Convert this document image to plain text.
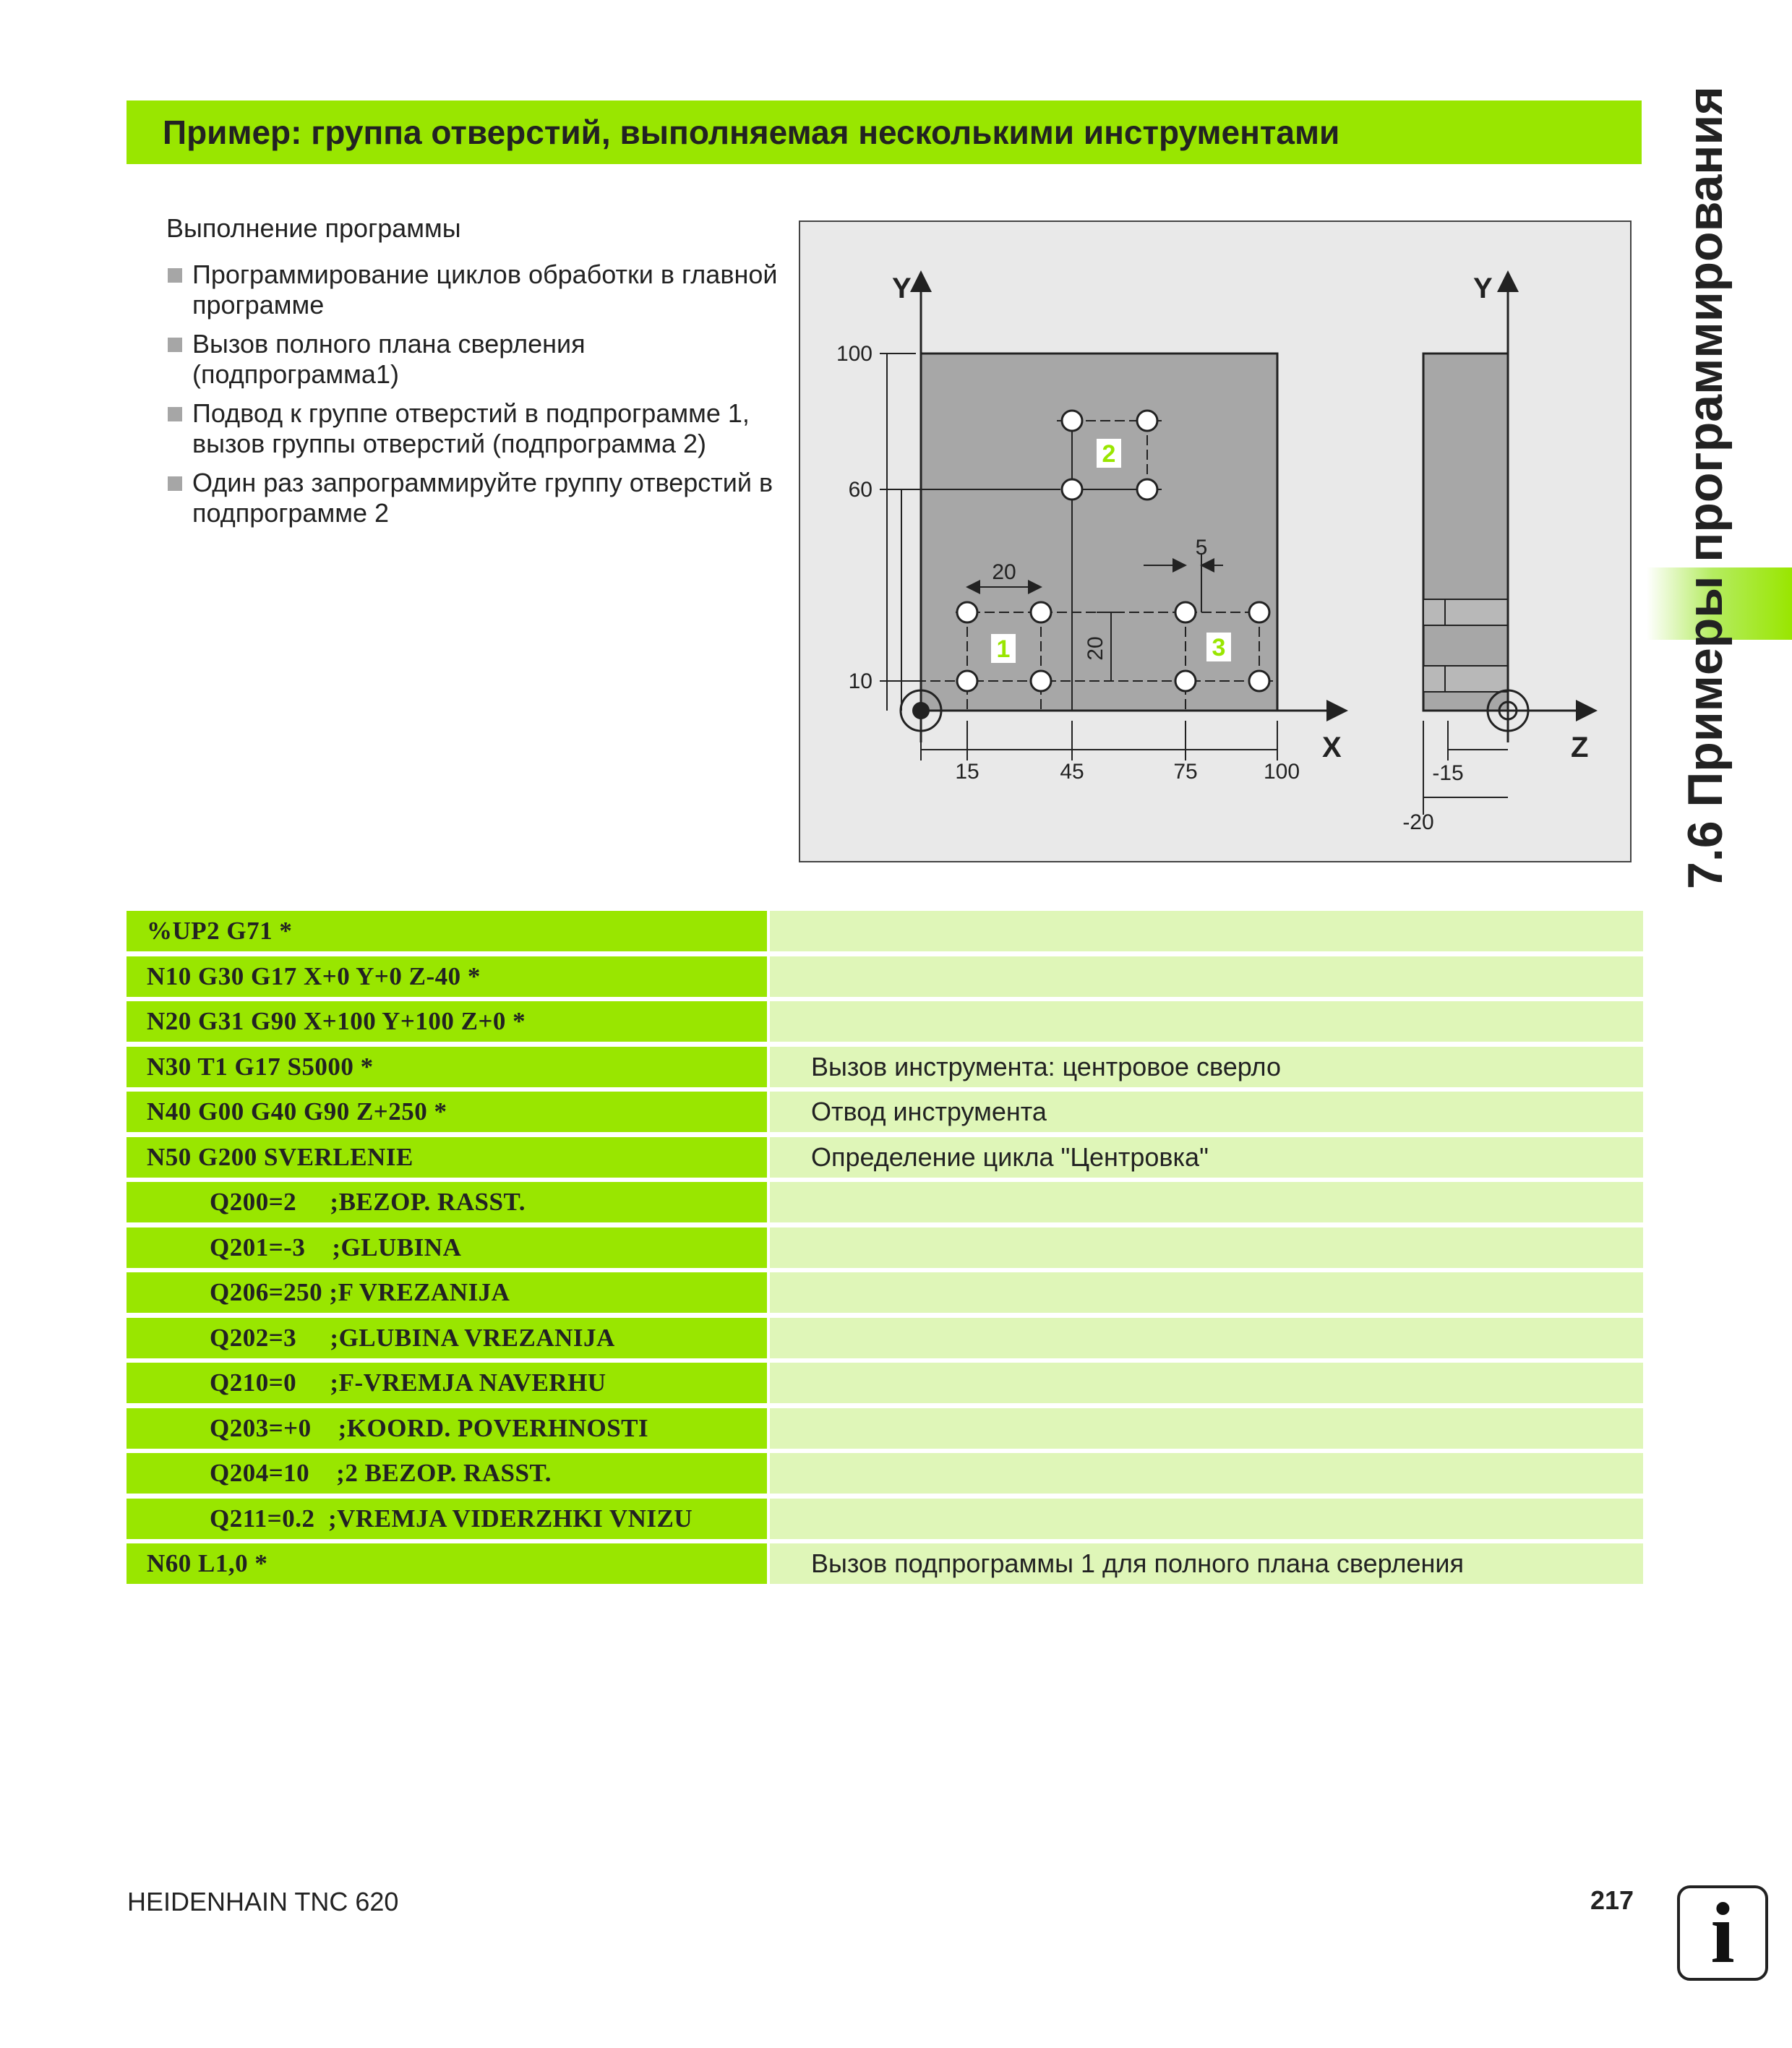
Пример: группа отверстий, выполняемая несколькими инструментами	7.6 Примеры программирования

Выполнение программы

Программирование циклов обработки в главной программе
Вызов полного плана сверления (подпрограмма1)
Подвод к группе отверстий в подпрограмме 1, вызов группы отверстий (подпрограмма 2)
Один раз запрограммируйте группу отверстий в подпрограмме 2
1
2
3
Y	Y
X	Z
100
60
10
15	45	75	100	-15
-20
20
5
20
%UP2 G71 *
N10 G30 G17 X+0 Y+0 Z-40 *
N20 G31 G90 X+100 Y+100 Z+0 *
N30 T1 G17 S5000 *	Вызов инструмента: центровое сверло
N40 G00 G40 G90 Z+250 *	Отвод инструмента
N50 G200 SVERLENIE	Определение цикла "Центровка"
Q200=2     ;BEZOP. RASST.
Q201=-3    ;GLUBINA
Q206=250 ;F VREZANIJA
Q202=3     ;GLUBINA VREZANIJA
Q210=0     ;F-VREMJA NAVERHU
Q203=+0    ;KOORD. POVERHNOSTI
Q204=10    ;2 BEZOP. RASST.
Q211=0.2  ;VREMJA VIDERZHKI VNIZU
N60 L1,0 *	Вызов подпрограммы 1 для полного плана сверления
HEIDENHAIN TNC 620	217 i
